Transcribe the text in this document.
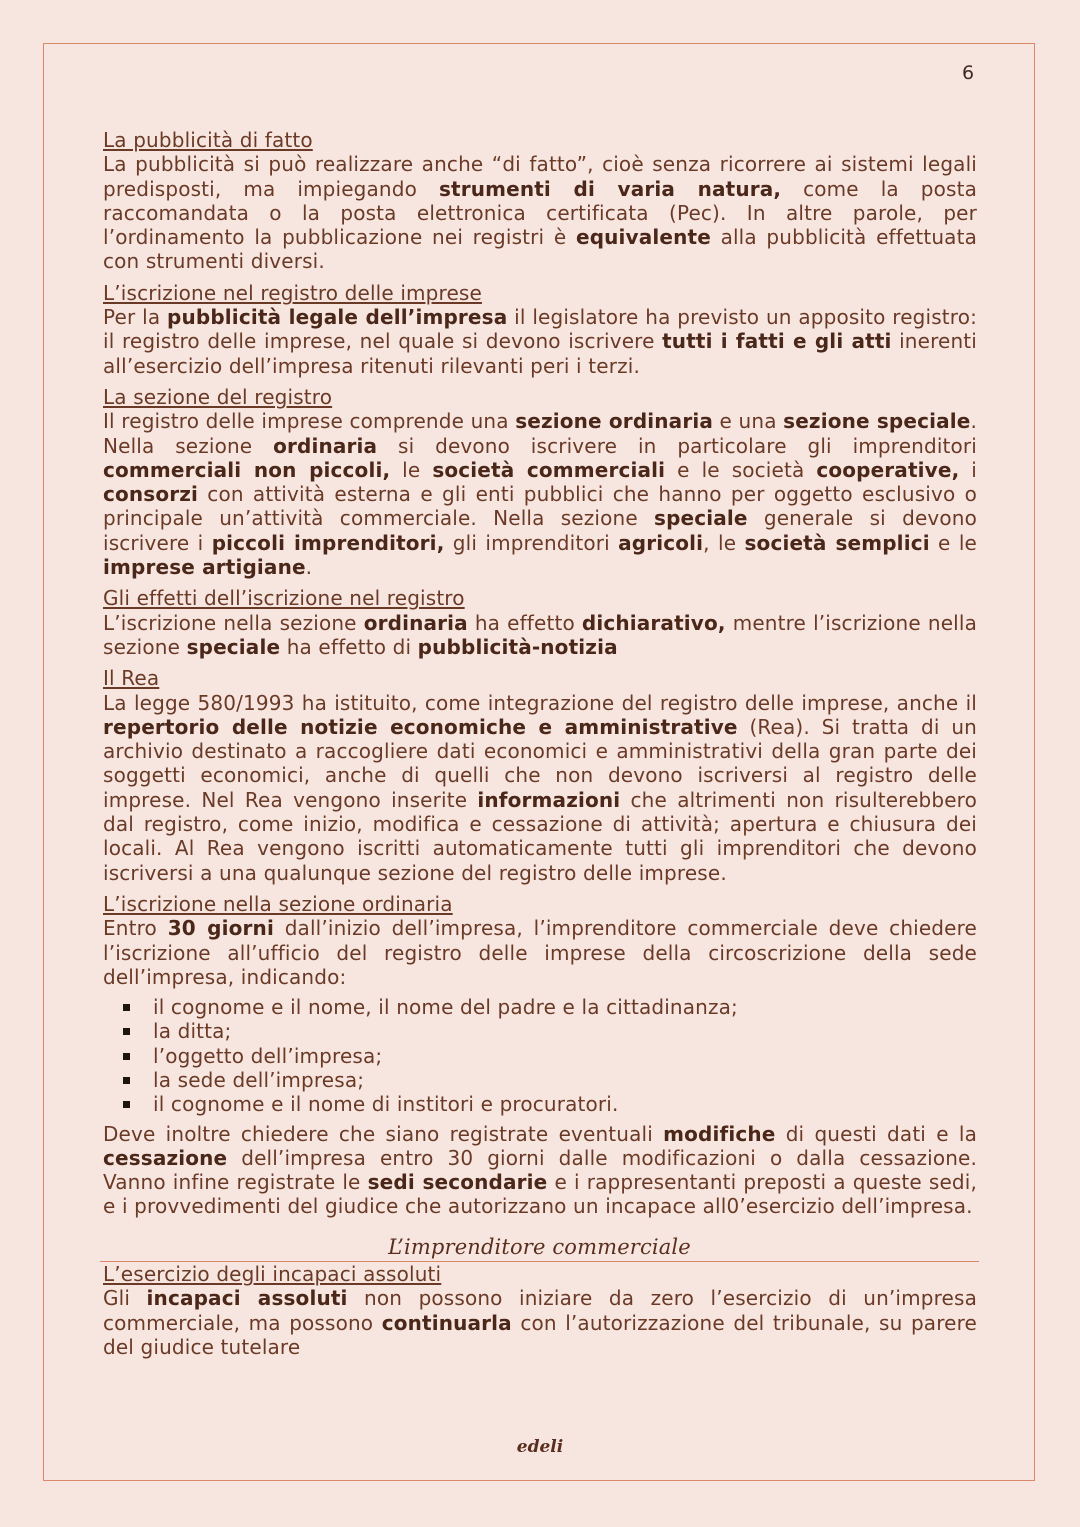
6
La pubblicità di fatto

La pubblicità si può realizzare anche “di fatto”, cioè senza ricorrere ai sistemi legali predisposti, ma impiegando strumenti di varia natura, come la posta raccomandata o la posta elettronica certificata (Pec). In altre parole, per l’ordinamento la pubblicazione nei registri è equivalente alla pubblicità effettuata con strumenti diversi.

L’iscrizione nel registro delle imprese

Per la pubblicità legale dell’impresa il legislatore ha previsto un apposito registro: il registro delle imprese, nel quale si devono iscrivere tutti i fatti e gli atti inerenti all’esercizio dell’impresa ritenuti rilevanti peri i terzi.

La sezione del registro

Il registro delle imprese comprende una sezione ordinaria e una sezione speciale. Nella sezione ordinaria si devono iscrivere in particolare gli imprenditori commerciali non piccoli, le società commerciali e le società cooperative, i consorzi con attività esterna e gli enti pubblici che hanno per oggetto esclusivo o principale un’attività commerciale. Nella sezione speciale generale si devono iscrivere i piccoli imprenditori, gli imprenditori agricoli, le società semplici e le imprese artigiane.

Gli effetti dell’iscrizione nel registro

L’iscrizione nella sezione ordinaria ha effetto dichiarativo, mentre l’iscrizione nella sezione speciale ha effetto di pubblicità-notizia

Il Rea

La legge 580/1993 ha istituito, come integrazione del registro delle imprese, anche il repertorio delle notizie economiche e amministrative (Rea). Si tratta di un archivio destinato a raccogliere dati economici e amministrativi della gran parte dei soggetti economici, anche di quelli che non devono iscriversi al registro delle imprese. Nel Rea vengono inserite informazioni che altrimenti non risulterebbero dal registro, come inizio, modifica e cessazione di attività; apertura e chiusura dei locali. Al Rea vengono iscritti automaticamente tutti gli imprenditori che devono iscriversi a una qualunque sezione del registro delle imprese.

L’iscrizione nella sezione ordinaria

Entro 30 giorni dall’inizio dell’impresa, l’imprenditore commerciale deve chiedere l’iscrizione all’ufficio del registro delle imprese della circoscrizione della sede dell’impresa, indicando:

il cognome e il nome, il nome del padre e la cittadinanza;
la ditta;
l’oggetto dell’impresa;
la sede dell’impresa;
il cognome e il nome di institori e procuratori.

Deve inoltre chiedere che siano registrate eventuali modifiche di questi dati e la cessazione dell’impresa entro 30 giorni dalle modificazioni o dalla cessazione. Vanno infine registrate le sedi secondarie e i rappresentanti preposti a queste sedi, e i provvedimenti del giudice che autorizzano un incapace all0’esercizio dell’impresa.

L’imprenditore commerciale
L’esercizio degli incapaci assoluti

Gli incapaci assoluti non possono iniziare da zero l’esercizio di un’impresa commerciale, ma possono continuarla con l’autorizzazione del tribunale, su parere del giudice tutelare

edeli
